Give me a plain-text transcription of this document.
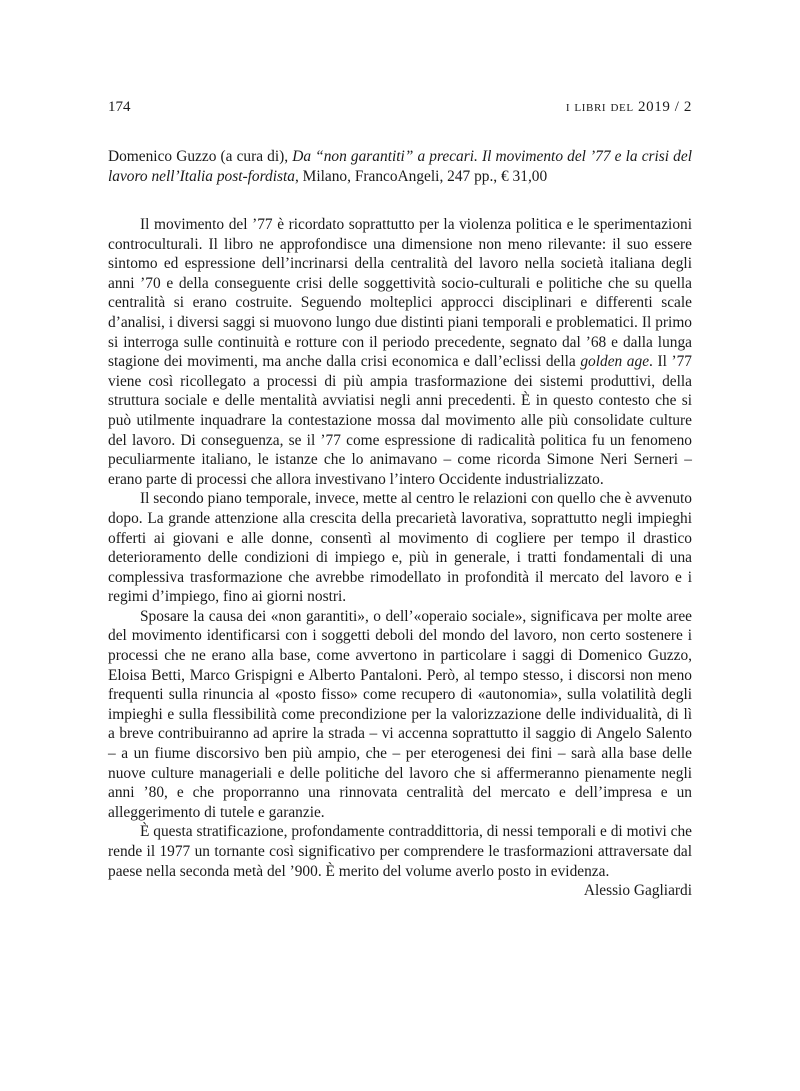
174	i libri del 2019 / 2
Domenico Guzzo (a cura di), Da “non garantiti” a precari. Il movimento del ’77 e la crisi del lavoro nell’Italia post-fordista, Milano, FrancoAngeli, 247 pp., € 31,00

Il movimento del ’77 è ricordato soprattutto per la violenza politica e le sperimentazioni controculturali. Il libro ne approfondisce una dimensione non meno rilevante: il suo essere sintomo ed espressione dell’incrinarsi della centralità del lavoro nella società italiana degli anni ’70 e della conseguente crisi delle soggettività socio-culturali e politiche che su quella centralità si erano costruite. Seguendo molteplici approcci disciplinari e differenti scale d’analisi, i diversi saggi si muovono lungo due distinti piani temporali e problematici. Il primo si interroga sulle continuità e rotture con il periodo precedente, segnato dal ’68 e dalla lunga stagione dei movimenti, ma anche dalla crisi economica e dall’eclissi della golden age. Il ’77 viene così ricollegato a processi di più ampia trasformazione dei sistemi produttivi, della struttura sociale e delle mentalità avviatisi negli anni precedenti. È in questo contesto che si può utilmente inquadrare la contestazione mossa dal movimento alle più consolidate culture del lavoro. Di conseguenza, se il ’77 come espressione di radicalità politica fu un fenomeno peculiarmente italiano, le istanze che lo animavano – come ricorda Simone Neri Serneri – erano parte di processi che allora investivano l’intero Occidente industrializzato.

Il secondo piano temporale, invece, mette al centro le relazioni con quello che è avvenuto dopo. La grande attenzione alla crescita della precarietà lavorativa, soprattutto negli impieghi offerti ai giovani e alle donne, consentì al movimento di cogliere per tempo il drastico deterioramento delle condizioni di impiego e, più in generale, i tratti fondamentali di una complessiva trasformazione che avrebbe rimodellato in profondità il mercato del lavoro e i regimi d’impiego, fino ai giorni nostri.

Sposare la causa dei «non garantiti», o dell’«operaio sociale», significava per molte aree del movimento identificarsi con i soggetti deboli del mondo del lavoro, non certo sostenere i processi che ne erano alla base, come avvertono in particolare i saggi di Domenico Guzzo, Eloisa Betti, Marco Grispigni e Alberto Pantaloni. Però, al tempo stesso, i discorsi non meno frequenti sulla rinuncia al «posto fisso» come recupero di «autonomia», sulla volatilità degli impieghi e sulla flessibilità come precondizione per la valorizzazione delle individualità, di lì a breve contribuiranno ad aprire la strada – vi accenna soprattutto il saggio di Angelo Salento – a un fiume discorsivo ben più ampio, che – per eterogenesi dei fini – sarà alla base delle nuove culture manageriali e delle politiche del lavoro che si affermeranno pienamente negli anni ’80, e che proporranno una rinnovata centralità del mercato e dell’impresa e un alleggerimento di tutele e garanzie.

È questa stratificazione, profondamente contraddittoria, di nessi temporali e di motivi che rende il 1977 un tornante così significativo per comprendere le trasformazioni attraversate dal paese nella seconda metà del ’900. È merito del volume averlo posto in evidenza.

Alessio Gagliardi
